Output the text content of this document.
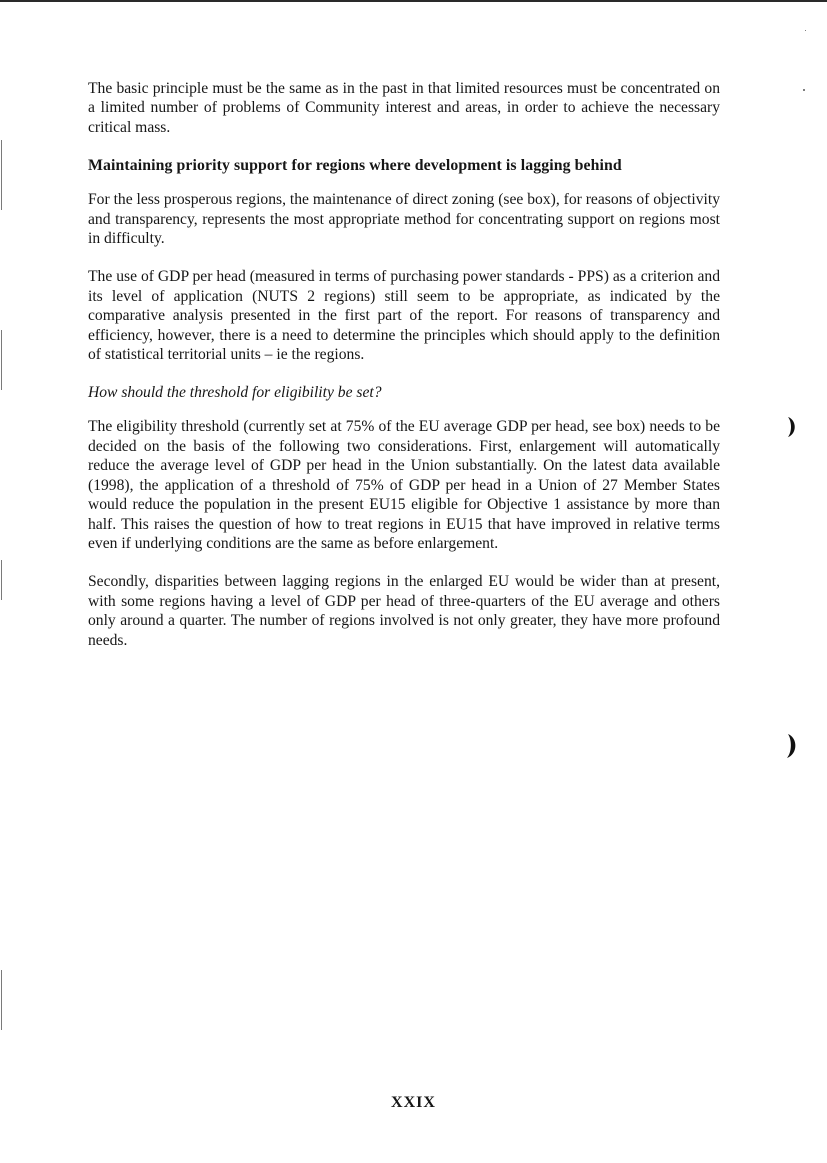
The basic principle must be the same as in the past in that limited resources must be concentrated on a limited number of problems of Community interest and areas, in order to achieve the necessary critical mass.

Maintaining priority support for regions where development is lagging behind

For the less prosperous regions, the maintenance of direct zoning (see box), for reasons of objectivity and transparency, represents the most appropriate method for concentrating support on regions most in difficulty.

The use of GDP per head (measured in terms of purchasing power standards - PPS) as a criterion and its level of application (NUTS 2 regions) still seem to be appropriate, as indicated by the comparative analysis presented in the first part of the report. For reasons of transparency and efficiency, however, there is a need to determine the principles which should apply to the definition of statistical territorial units – ie the regions.

How should the threshold for eligibility be set?

The eligibility threshold (currently set at 75% of the EU average GDP per head, see box) needs to be decided on the basis of the following two considerations. First, enlargement will automatically reduce the average level of GDP per head in the Union substantially. On the latest data available (1998), the application of a threshold of 75% of GDP per head in a Union of 27 Member States would reduce the population in the present EU15 eligible for Objective 1 assistance by more than half. This raises the question of how to treat regions in EU15 that have improved in relative terms even if underlying conditions are the same as before enlargement.

Secondly, disparities between lagging regions in the enlarged EU would be wider than at present, with some regions having a level of GDP per head of three-quarters of the EU average and others only around a quarter. The number of regions involved is not only greater, they have more profound needs.

XXIX
